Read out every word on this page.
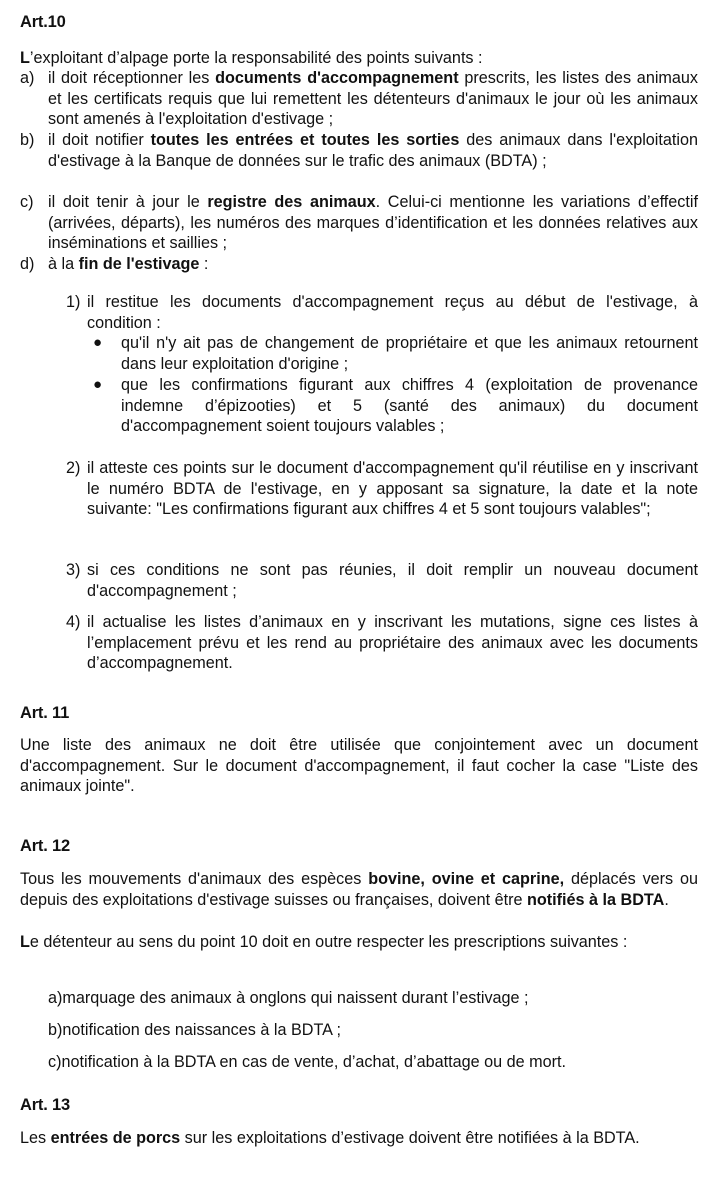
Art.10
L’exploitant d’alpage porte la responsabilité des points suivants :
a) il doit réceptionner les documents d'accompagnement prescrits, les listes des animaux et les certificats requis que lui remettent les détenteurs d'animaux le jour où les animaux sont amenés à l'exploitation d'estivage ;
b) il doit notifier toutes les entrées et toutes les sorties des animaux dans l'exploitation d'estivage à la Banque de données sur le trafic des animaux (BDTA) ;
c) il doit tenir à jour le registre des animaux. Celui-ci mentionne les variations d’effectif (arrivées, départs), les numéros des marques d’identification et les données relatives aux inséminations et saillies ;
d) à la fin de l'estivage :
1) il restitue les documents d'accompagnement reçus au début de l'estivage, à condition :
● qu'il n'y ait pas de changement de propriétaire et que les animaux retournent dans leur exploitation d'origine ;
● que les confirmations figurant aux chiffres 4 (exploitation de provenance indemne d’épizooties) et 5 (santé des animaux) du document d'accompagnement soient toujours valables ;
2) il atteste ces points sur le document d'accompagnement qu'il réutilise en y inscrivant le numéro BDTA de l'estivage, en y apposant sa signature, la date et la note suivante: "Les confirmations figurant aux chiffres 4 et 5 sont toujours valables";
3) si ces conditions ne sont pas réunies, il doit remplir un nouveau document d'accompagnement ;
4) il actualise les listes d’animaux en y inscrivant les mutations, signe ces listes à l’emplacement prévu et les rend au propriétaire des animaux avec les documents d’accompagnement.
Art. 11
Une liste des animaux ne doit être utilisée que conjointement avec un document d'accompagnement. Sur le document d'accompagnement, il faut cocher la case "Liste des animaux jointe".
Art. 12
Tous les mouvements d'animaux des espèces bovine, ovine et caprine, déplacés vers ou depuis des exploitations d'estivage suisses ou françaises, doivent être notifiés à la BDTA.
Le détenteur au sens du point 10 doit en outre respecter les prescriptions suivantes :
a)marquage des animaux à onglons qui naissent durant l’estivage ;
b)notification des naissances à la BDTA ;
c)notification à la BDTA en cas de vente, d’achat, d’abattage ou de mort.
Art. 13
Les entrées de porcs sur les exploitations d’estivage doivent être notifiées à la BDTA.
